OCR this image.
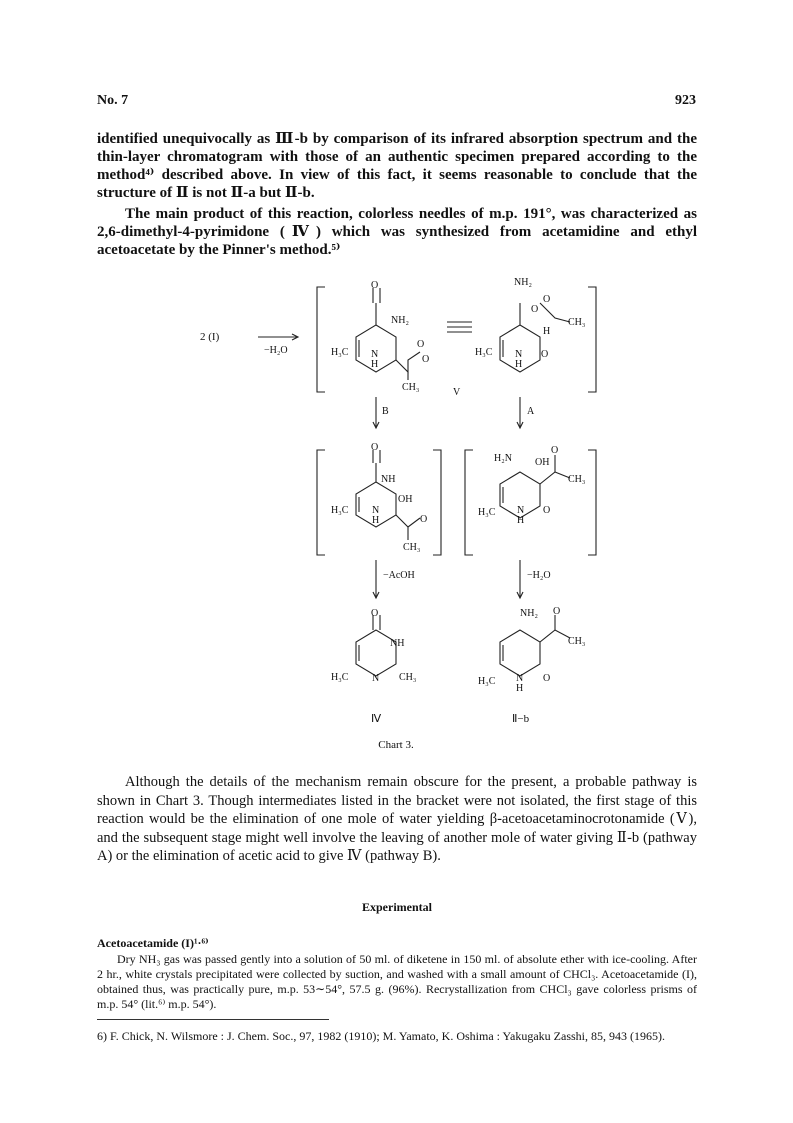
No. 7	923

identified unequivocally as Ⅲ-b by comparison of its infrared absorption spectrum and the thin-layer chromatogram with those of an authentic specimen prepared according to the method⁴⁾ described above. In view of this fact, it seems reasonable to conclude that the structure of Ⅱ is not Ⅱ-a but Ⅱ-b.

The main product of this reaction, colorless needles of m.p. 191°, was characterized as 2,6-dimethyl-4-pyrimidone (Ⅳ) which was synthesized from acetamidine and ethyl acetoacetate by the Pinner's method.⁵⁾

2 (I)
−H₂O
O
NH₂
H₃C N
H
O
O
CH₃	V
NH₂
O
O
CH₃
H
H₃C N
H
O
B	A
O
NH
OH
H₃C N
H	O
CH₃
H₂N OH
O
CH₃
H₃C N
H
O
−AcOH	−H₂O
O
NH
H₃C N CH₃
Ⅳ
NH₂ O
CH₃
H₃C N
H
O
Ⅱ−b
Chart 3.

Although the details of the mechanism remain obscure for the present, a probable pathway is shown in Chart 3. Though intermediates listed in the bracket were not isolated, the first stage of this reaction would be the elimination of one mole of water yielding β-acetoacetaminocrotonamide (Ⅴ), and the subsequent stage might well involve the leaving of another mole of water giving Ⅱ-b (pathway A) or the elimination of acetic acid to give Ⅳ (pathway B).

Experimental
Acetoacetamide (I)¹·⁶⁾

Dry NH₃ gas was passed gently into a solution of 50 ml. of diketene in 150 ml. of absolute ether with ice-cooling. After 2 hr., white crystals precipitated were collected by suction, and washed with a small amount of CHCl₃. Acetoacetamide (I), obtained thus, was practically pure, m.p. 53∼54°, 57.5 g. (96%). Recrystallization from CHCl₃ gave colorless prisms of m.p. 54° (lit.⁶⁾ m.p. 54°).

6) F. Chick, N. Wilsmore : J. Chem. Soc., 97, 1982 (1910); M. Yamato, K. Oshima : Yakugaku Zasshi, 85, 943 (1965).
